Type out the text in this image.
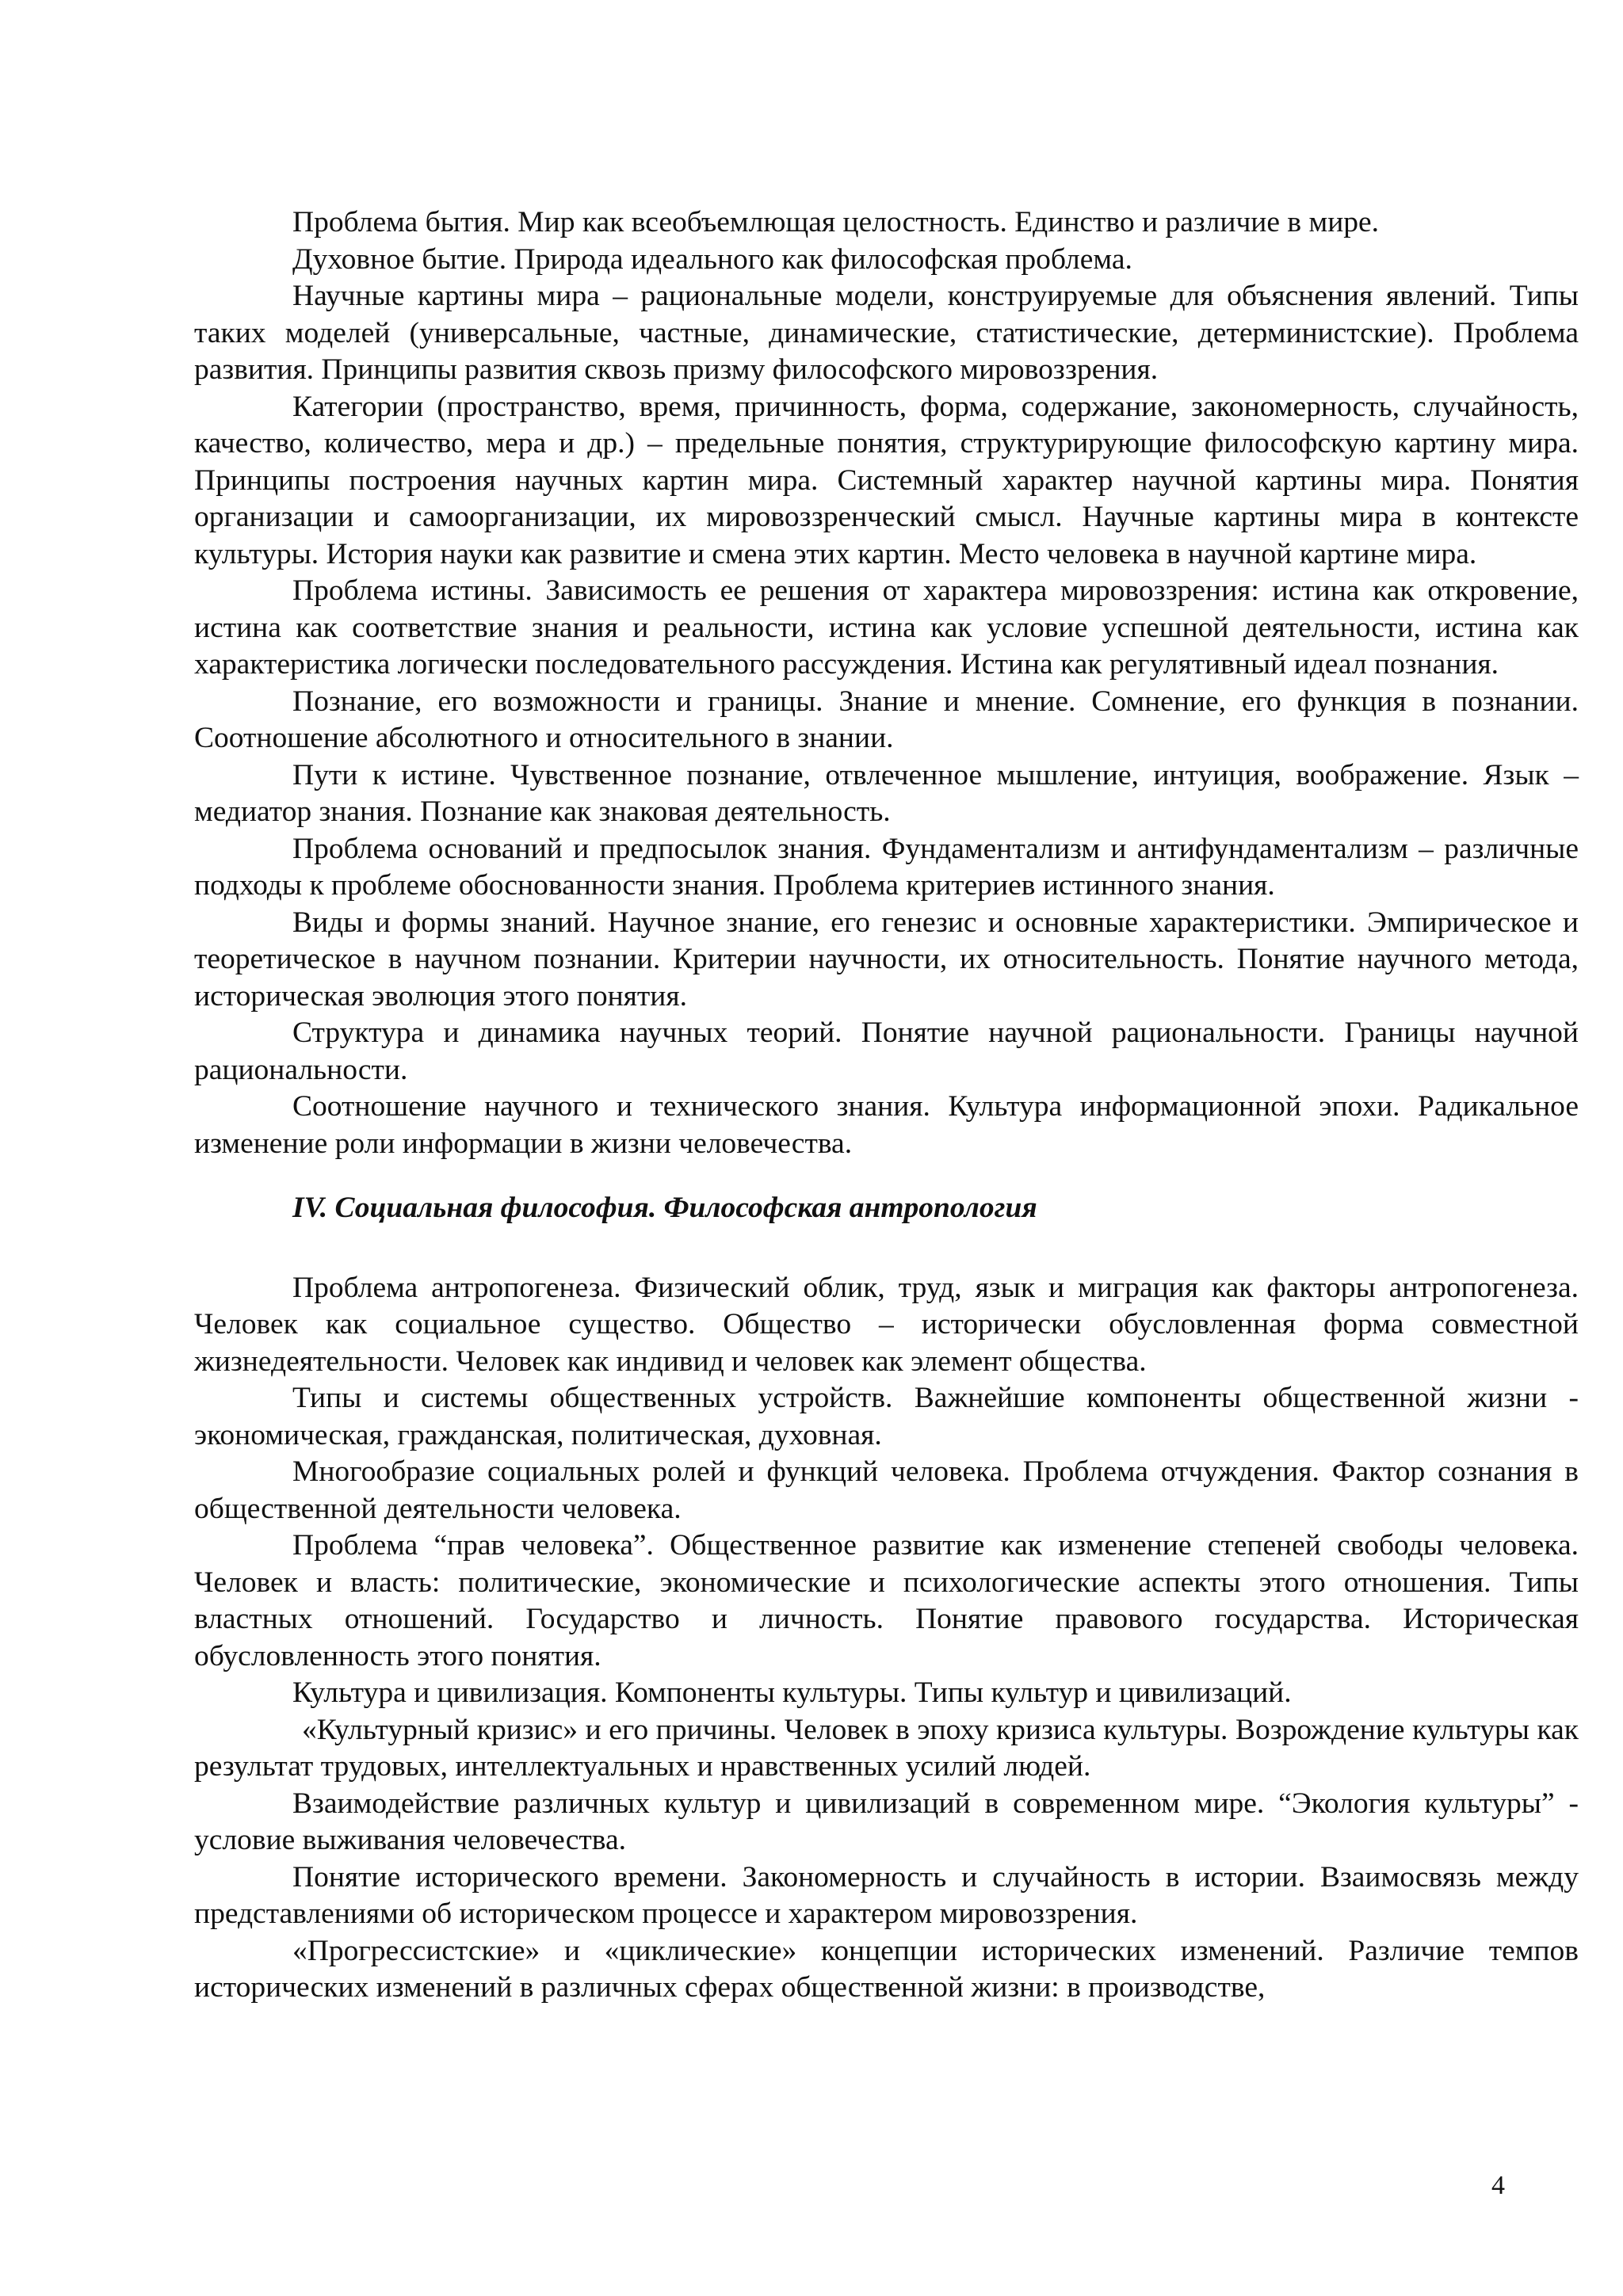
Проблема бытия. Мир как всеобъемлющая целостность. Единство и различие в мире.

Духовное бытие. Природа идеального как философская проблема.

Научные картины мира – рациональные модели, конструируемые для объяснения явлений. Типы таких моделей (универсальные, частные, динамические, статистические, детерминистские). Проблема развития. Принципы развития сквозь призму философского мировоззрения.

Категории (пространство, время, причинность, форма, содержание, закономерность, случайность, качество, количество, мера и др.) – предельные понятия, структурирующие философскую картину мира. Принципы построения научных картин мира. Системный характер научной картины мира. Понятия организации и самоорганизации, их мировоззренческий смысл. Научные картины мира в контексте культуры. История науки как развитие и смена этих картин. Место человека в научной картине мира.

Проблема истины. Зависимость ее решения от характера мировоззрения: истина как откровение, истина как соответствие знания и реальности, истина как условие успешной деятельности, истина как характеристика логически последовательного рассуждения. Истина как регулятивный идеал познания.

Познание, его возможности и границы. Знание и мнение. Сомнение, его функция в познании. Соотношение абсолютного и относительного в знании.

Пути к истине. Чувственное познание, отвлеченное мышление, интуиция, воображение. Язык – медиатор знания. Познание как знаковая деятельность.

Проблема оснований и предпосылок знания. Фундаментализм и антифундаментализм – различные подходы к проблеме обоснованности знания. Проблема критериев истинного знания.

Виды и формы знаний. Научное знание, его генезис и основные характеристики. Эмпирическое и теоретическое в научном познании. Критерии научности, их относительность. Понятие научного метода, историческая эволюция этого понятия.

Структура и динамика научных теорий. Понятие научной рациональности. Границы научной рациональности.

Соотношение научного и технического знания. Культура информационной эпохи. Радикальное изменение роли информации в жизни человечества.

IV. Социальная философия. Философская антропология

Проблема антропогенеза. Физический облик, труд, язык и миграция как факторы антропогенеза. Человек как социальное существо. Общество – исторически обусловленная форма совместной жизнедеятельности. Человек как индивид и человек как элемент общества.

Типы и системы общественных устройств. Важнейшие компоненты общественной жизни - экономическая, гражданская, политическая, духовная.

Многообразие социальных ролей и функций человека. Проблема отчуждения. Фактор сознания в общественной деятельности человека.

Проблема “прав человека”. Общественное развитие как изменение степеней свободы человека. Человек и власть: политические, экономические и психологические аспекты этого отношения. Типы властных отношений. Государство и личность. Понятие правового государства. Историческая обусловленность этого понятия.

Культура и цивилизация. Компоненты культуры. Типы культур и цивилизаций.

«Культурный кризис» и его причины. Человек в эпоху кризиса культуры. Возрождение культуры как результат трудовых, интеллектуальных и нравственных усилий людей.

Взаимодействие различных культур и цивилизаций в современном мире. “Экология культуры” - условие выживания человечества.

Понятие исторического времени. Закономерность и случайность в истории. Взаимосвязь между представлениями об историческом процессе и характером мировоззрения.

«Прогрессистские» и «циклические» концепции исторических изменений. Различие темпов исторических изменений в различных сферах общественной жизни: в производстве,

4
